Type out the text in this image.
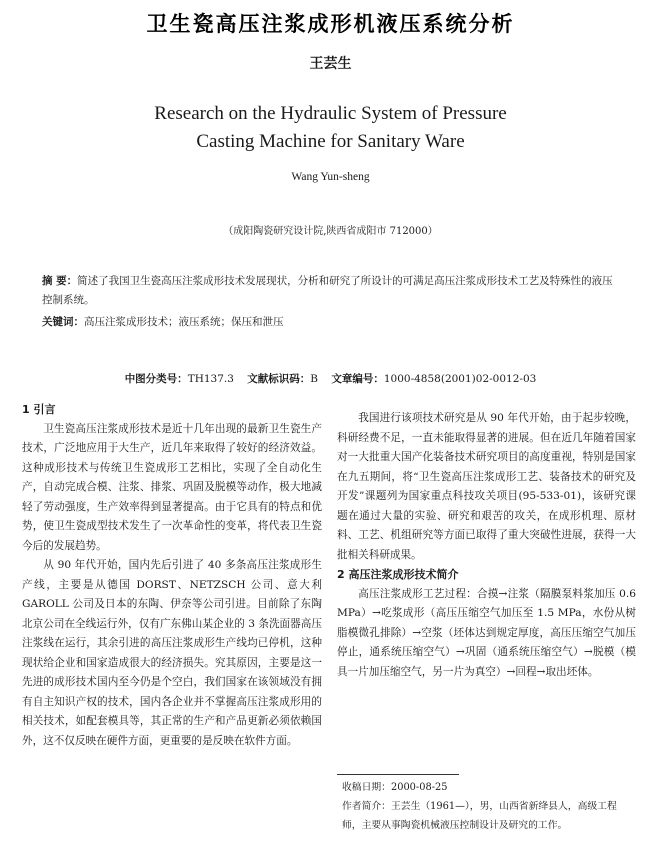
卫生瓷高压注浆成形机液压系统分析
王芸生
Research on the Hydraulic System of Pressure
Casting Machine for Sanitary Ware
Wang Yun-sheng
（成阳陶瓷研究设计院,陕西省成阳市 712000）
摘 要：简述了我国卫生瓷高压注浆成形技术发展现状，分析和研究了所设计的可满足高压注浆成形技术工艺及特殊性的液压控制系统。
关键词：高压注浆成形技术；液压系统；保压和泄压
中图分类号：TH137.3 文献标识码：B 文章编号：1000-4858(2001)02-0012-03

1 引言

卫生瓷高压注浆成形技术是近十几年出现的最新卫生瓷生产技术，广泛地应用于大生产，近几年来取得了较好的经济效益。这种成形技术与传统卫生瓷成形工艺相比，实现了全自动化生产，自动完成合模、注浆、排浆、巩固及脱模等动作，极大地减轻了劳动强度，生产效率得到显著提高。由于它具有的特点和优势，使卫生瓷成型技术发生了一次革命性的变革，将代表卫生瓷今后的发展趋势。

从 90 年代开始，国内先后引进了 40 多条高压注浆成形生产线，主要是从德国 DORST、NETZSCH 公司、意大利 GAROLL 公司及日本的东陶、伊奈等公司引进。目前除了东陶北京公司在全线运行外，仅有广东佛山某企业的 3 条洗面器高压注浆线在运行，其余引进的高压注浆成形生产线均已停机，这种现状给企业和国家造成很大的经济损失。究其原因，主要是这一先进的成形技术国内至今仍是个空白，我们国家在该领域没有拥有自主知识产权的技术，国内各企业并不掌握高压注浆成形用的相关技术，如配套模具等，其正常的生产和产品更新必须依赖国外，这不仅反映在硬件方面，更重要的是反映在软件方面。

我国进行该项技术研究是从 90 年代开始，由于起步较晚，科研经费不足，一直未能取得显著的进展。但在近几年随着国家对一大批重大国产化装备技术研究项目的高度重视，特别是国家在九五期间，将“卫生瓷高压注浆成形工艺、装备技术的研究及开发”课题列为国家重点科技攻关项目(95-533-01)，该研究课题在通过大量的实验、研究和艰苦的攻关，在成形机理、原材料、工艺、机组研究等方面已取得了重大突破性进展，获得一大批相关科研成果。

2 高压注浆成形技术简介

高压注浆成形工艺过程：合摸→注浆（隔膜泵料浆加压 0.6 MPa）→吃浆成形（高压压缩空气加压至 1.5 MPa，水份从树脂模微孔排除）→空浆（坯体达到规定厚度，高压压缩空气加压停止，通系统压缩空气）→巩固（通系统压缩空气）→脱模（模具一片加压缩空气，另一片为真空）→回程→取出坯体。

收稿日期：2000-08-25

作者简介：王芸生（1961—），男，山西省新绛县人，高级工程师，主要从事陶瓷机械液压控制设计及研究的工作。
